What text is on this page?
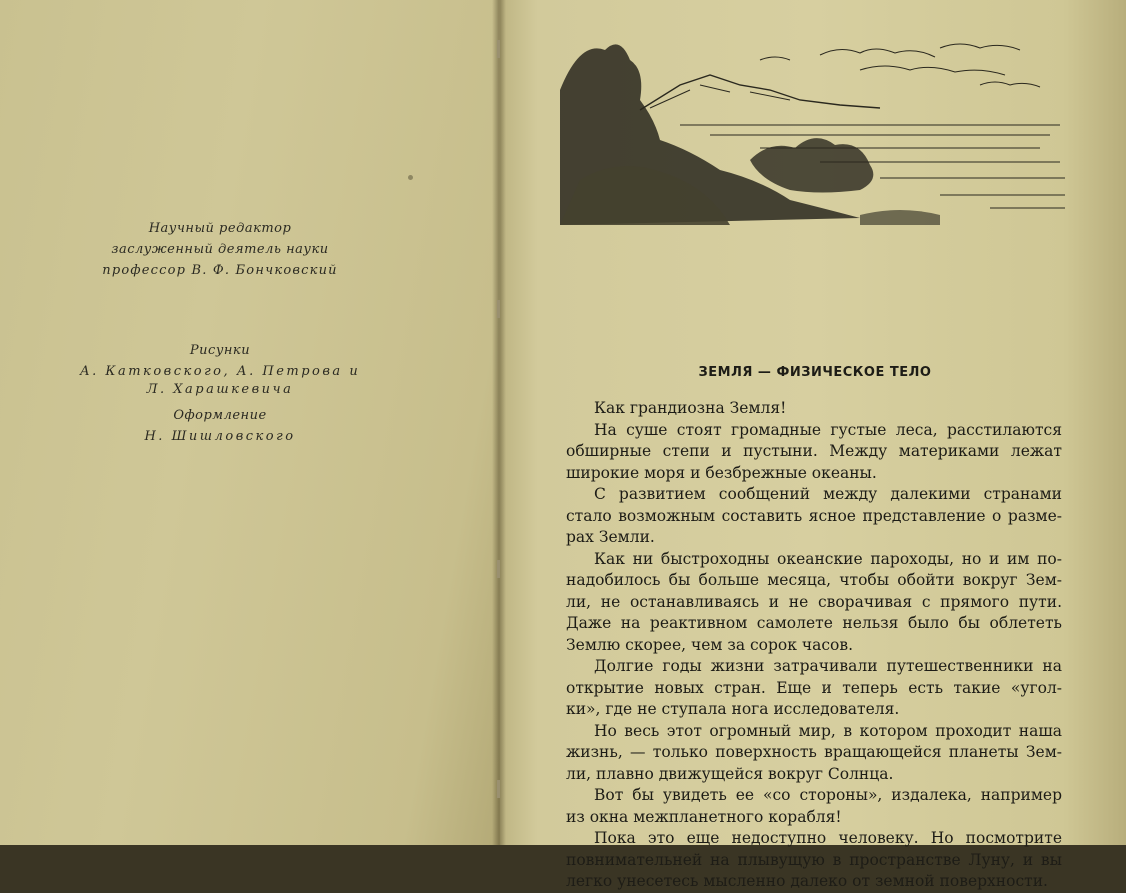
Научный редактор
заслуженный деятель науки
профессор В. Ф. Бончковский
Рисунки
А. Катковского, А. Петрова и
Л. Харашкевича
Оформление
Н. Шишловского
ЗЕМЛЯ — ФИЗИЧЕСКОЕ ТЕЛО
Как грандиозна Земля!
На суше стоят громадные густые леса, расстилаются
обширные степи и пустыни. Между материками лежат
широкие моря и безбрежные океаны.
С развитием сообщений между далекими странами
стало возможным составить ясное представление о разме-
рах Земли.
Как ни быстроходны океанские пароходы, но и им по-
надобилось бы больше месяца, чтобы обойти вокруг Зем-
ли, не останавливаясь и не сворачивая с прямого пути.
Даже на реактивном самолете нельзя было бы облететь
Землю скорее, чем за сорок часов.
Долгие годы жизни затрачивали путешественники на
открытие новых стран. Еще и теперь есть такие «угол-
ки», где не ступала нога исследователя.
Но весь этот огромный мир, в котором проходит наша
жизнь, — только поверхность вращающейся планеты Зем-
ли, плавно движущейся вокруг Солнца.
Вот бы увидеть ее «со стороны», издалека, например
из окна межпланетного корабля!
Пока это еще недоступно человеку. Но посмотрите
повнимательней на плывущую в пространстве Луну, и вы
легко унесетесь мысленно далеко от земной поверхности.
